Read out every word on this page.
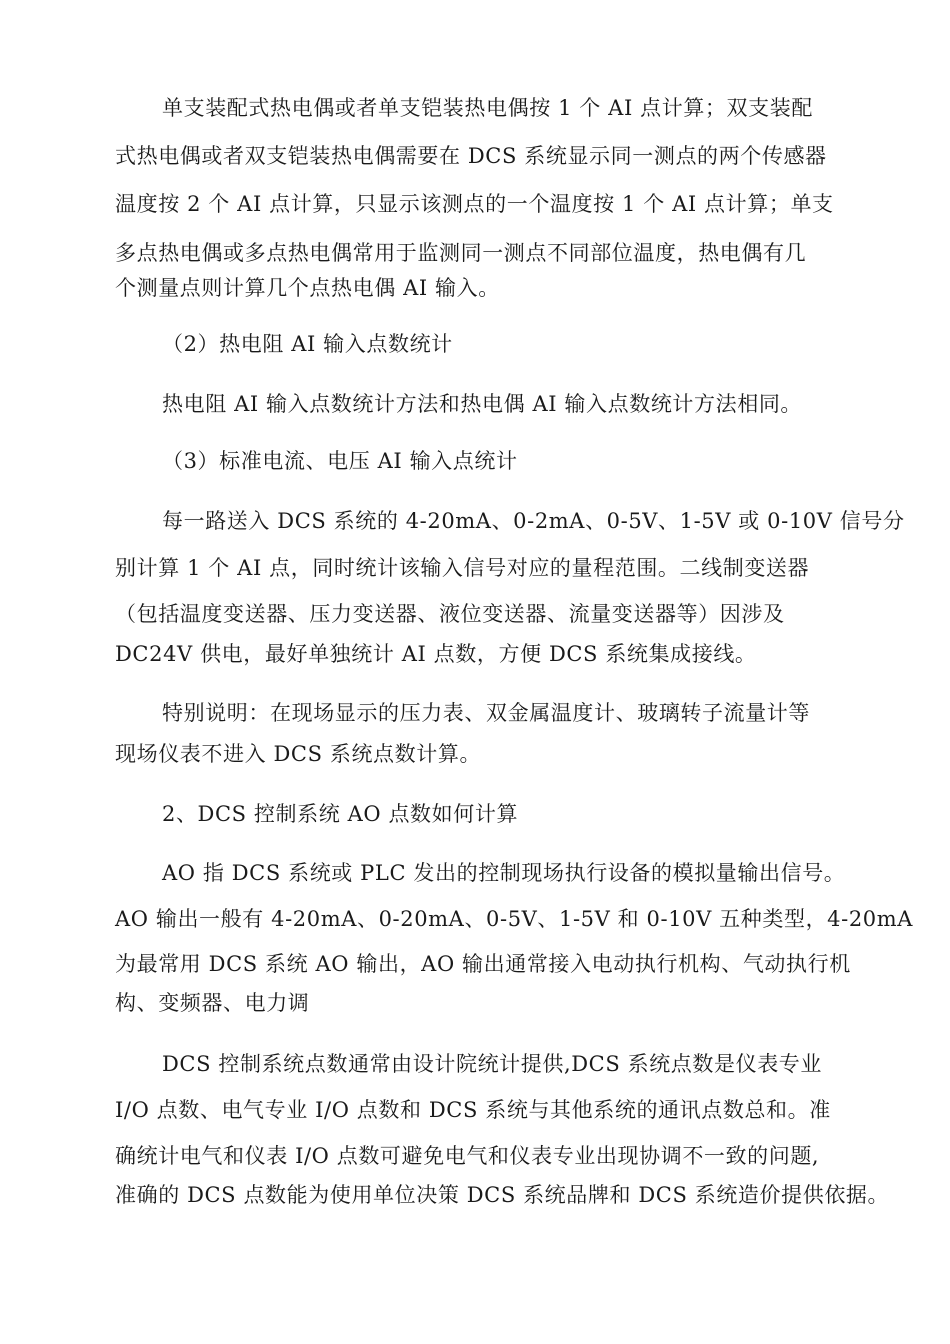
单支装配式热电偶或者单支铠装热电偶按 1 个 AI 点计算；双支装配
式热电偶或者双支铠装热电偶需要在 DCS 系统显示同一测点的两个传感器
温度按 2 个 AI 点计算，只显示该测点的一个温度按 1 个 AI 点计算；单支
多点热电偶或多点热电偶常用于监测同一测点不同部位温度，热电偶有几
个测量点则计算几个点热电偶 AI 输入。
（2）热电阻 AI 输入点数统计
热电阻 AI 输入点数统计方法和热电偶 AI 输入点数统计方法相同。
（3）标准电流、电压 AI 输入点统计
每一路送入 DCS 系统的 4-20mA、0-2mA、0-5V、1-5V 或 0-10V 信号分
别计算 1 个 AI 点，同时统计该输入信号对应的量程范围。二线制变送器
（包括温度变送器、压力变送器、液位变送器、流量变送器等）因涉及
DC24V 供电，最好单独统计 AI 点数，方便 DCS 系统集成接线。
特别说明：在现场显示的压力表、双金属温度计、玻璃转子流量计等
现场仪表不进入 DCS 系统点数计算。
2、DCS 控制系统 AO 点数如何计算
AO 指 DCS 系统或 PLC 发出的控制现场执行设备的模拟量输出信号。
AO 输出一般有 4-20mA、0-20mA、0-5V、1-5V 和 0-10V 五种类型，4-20mA
为最常用 DCS 系统 AO 输出，AO 输出通常接入电动执行机构、气动执行机
构、变频器、电力调
DCS 控制系统点数通常由设计院统计提供,DCS 系统点数是仪表专业
I/O 点数、电气专业 I/O 点数和 DCS 系统与其他系统的通讯点数总和。准
确统计电气和仪表 I/O 点数可避免电气和仪表专业出现协调不一致的问题,
准确的 DCS 点数能为使用单位决策 DCS 系统品牌和 DCS 系统造价提供依据。
